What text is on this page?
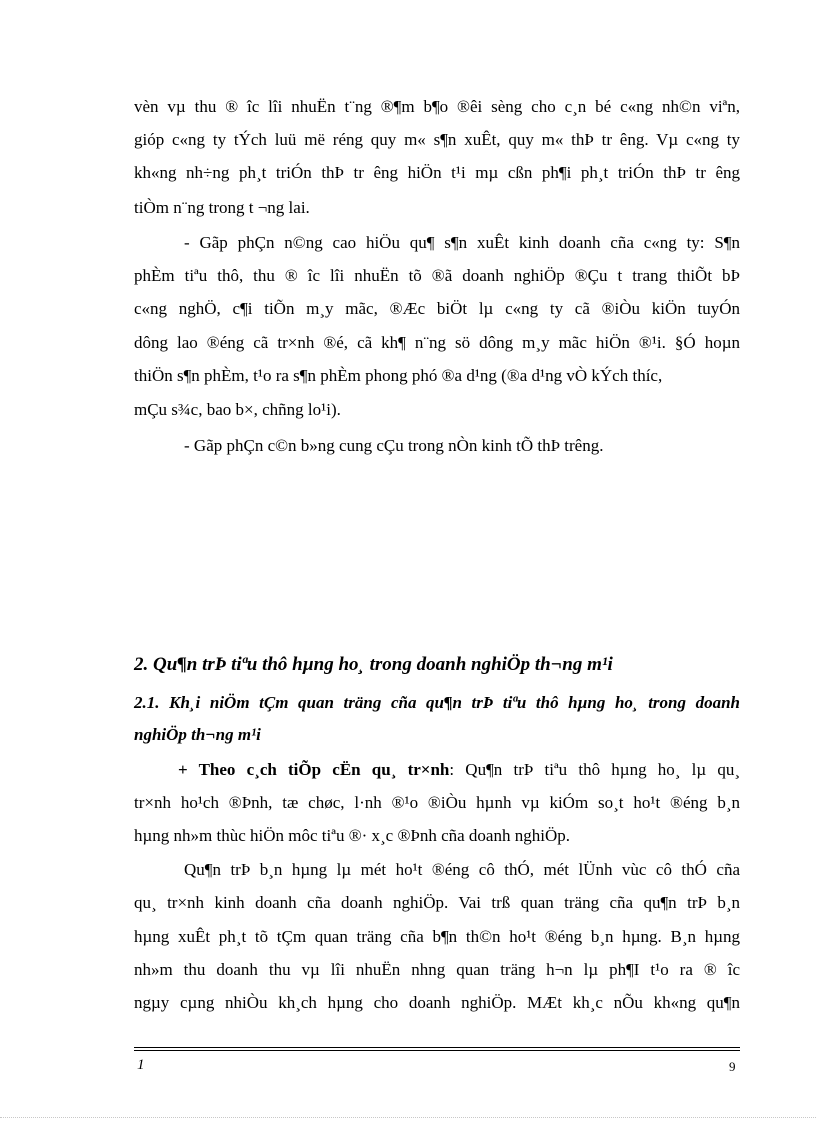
vèn vµ thu ® îc lîi nhuËn t¨ng ®¶m b¶o ®êi sèng cho c¸n bé c«ng nh©n viªn,

gióp c«ng ty tÝch luü më réng quy m« s¶n xuÊt, quy m« thÞ tr êng. Vµ c«ng ty

kh«ng nh÷ng ph¸t triÓn thÞ tr êng hiÖn t¹i mµ cßn ph¶i ph¸t triÓn thÞ tr êng

tiÒm n¨ng trong t ¬ng lai.

- Gãp phÇn n©ng cao hiÖu qu¶ s¶n xuÊt kinh doanh cña c«ng ty: S¶n

phÈm tiªu thô, thu ® îc lîi nhuËn tõ ®ã doanh nghiÖp ®Çu t trang thiÕt bÞ

c«ng nghÖ, c¶i tiÕn m¸y mãc, ®Æc biÖt lµ c«ng ty cã ®iÒu kiÖn tuyÓn

dông lao ®éng cã tr×nh ®é, cã kh¶ n¨ng sö dông m¸y mãc hiÖn ®¹i. §Ó hoµn

thiÖn s¶n phÈm, t¹o ra s¶n phÈm phong phó ®a d¹ng (®a d¹ng vÒ kÝch thíc,

mÇu s¾c, bao b×, chñng lo¹i).

- Gãp phÇn c©n b»ng cung cÇu trong nÒn kinh tÕ thÞ trêng.

2. Qu¶n trÞ tiªu thô hµng ho¸ trong doanh nghiÖp th¬ng m¹i

2.1. Kh¸i niÖm tÇm quan träng cña qu¶n trÞ tiªu thô hµng ho¸ trong doanh

nghiÖp th¬ng m¹i

+ Theo c¸ch tiÕp cËn qu¸ tr×nh: Qu¶n trÞ tiªu thô hµng ho¸ lµ qu¸

tr×nh ho¹ch ®Þnh, tæ chøc, l·nh ®¹o ®iÒu hµnh vµ kiÓm so¸t ho¹t ®éng b¸n

hµng nh»m thùc hiÖn môc tiªu ®· x¸c ®Þnh cña doanh nghiÖp.

Qu¶n trÞ b¸n hµng lµ mét ho¹t ®éng cô thÓ, mét lÜnh vùc cô thÓ cña

qu¸ tr×nh kinh doanh cña doanh nghiÖp. Vai trß quan träng cña qu¶n trÞ b¸n

hµng xuÊt ph¸t tõ tÇm quan träng cña b¶n th©n ho¹t ®éng b¸n hµng. B¸n hµng

nh»m thu doanh thu vµ lîi nhuËn nhng quan träng h¬n lµ ph¶I t¹o ra ® îc

ngµy cµng nhiÒu kh¸ch hµng cho doanh nghiÖp. MÆt kh¸c nÕu kh«ng qu¶n

1	9
